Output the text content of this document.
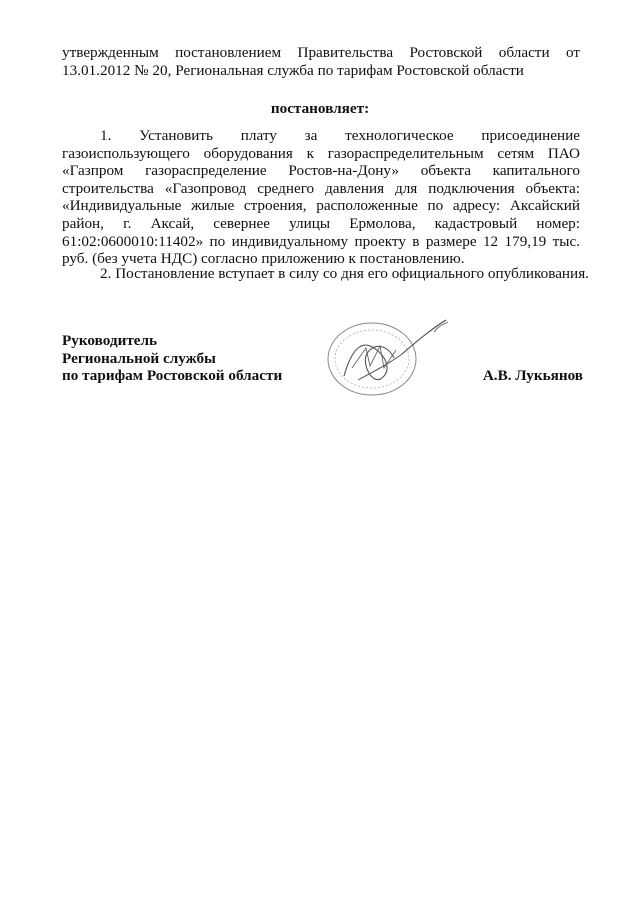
утвержденным постановлением Правительства Ростовской области от 13.01.2012 № 20, Региональная служба по тарифам Ростовской области

постановляет:

1. Установить плату за технологическое присоединение газоиспользующего оборудования к газораспределительным сетям ПАО «Газпром газораспределение Ростов-на-Дону» объекта капитального строительства «Газопровод среднего давления для подключения объекта: «Индивидуальные жилые строения, расположенные по адресу: Аксайский район, г. Аксай, севернее улицы Ермолова, кадастровый номер: 61:02:0600010:11402» по индивидуальному проекту в размере 12 179,19 тыс. руб. (без учета НДС) согласно приложению к постановлению.

2. Постановление вступает в силу со дня его официального опубликования.

Руководитель
Региональной службы
по тарифам Ростовской области	А.В. Лукьянов
